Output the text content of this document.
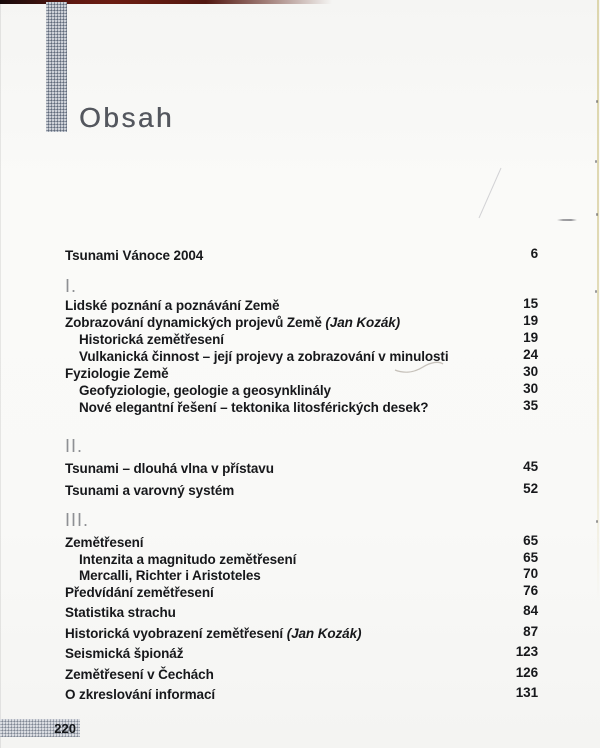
Obsah
Tsunami Vánoce 2004	6
I.
Lidské poznání a poznávání Země	15
Zobrazování dynamických projevů Země (Jan Kozák)	19
Historická zemětřesení	19
Vulkanická činnost – její projevy a zobrazování v minulosti	24
Fyziologie Země	30
Geofyziologie, geologie a geosynklinály	30
Nové elegantní řešení – tektonika litosférických desek?	35
II.
Tsunami – dlouhá vlna v přístavu	45
Tsunami a varovný systém	52
III.
Zemětřesení	65
Intenzita a magnitudo zemětřesení	65
Mercalli, Richter i Aristoteles	70
Předvídání zemětřesení	76
Statistika strachu	84
Historická vyobrazení zemětřesení (Jan Kozák)	87
Seismická špionáž	123
Zemětřesení v Čechách	126
O zkreslování informací	131
220
